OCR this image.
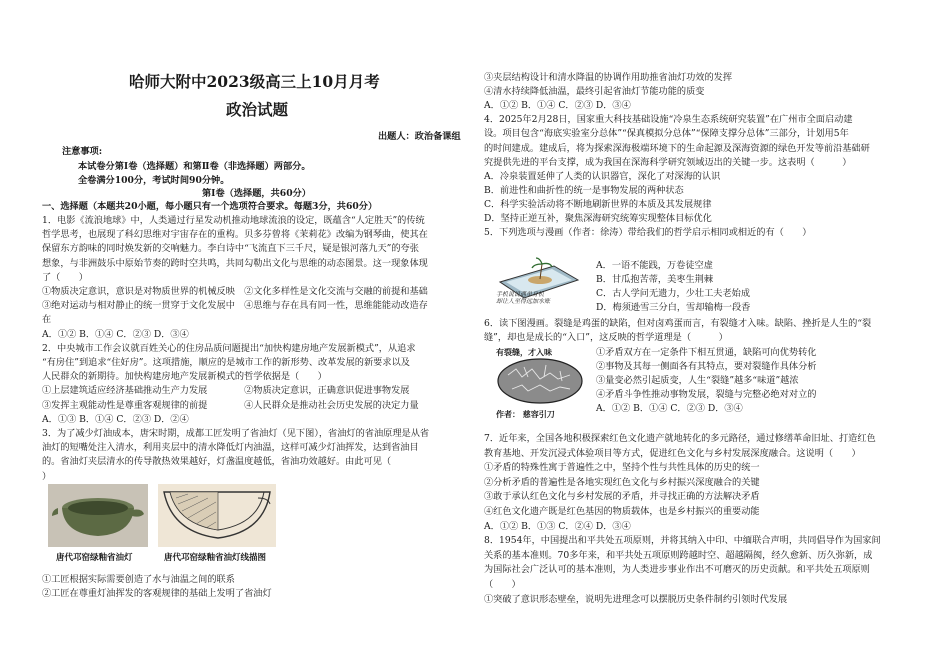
哈师大附中2023级高三上10月月考
政治试题
出题人：政治备课组
注意事项:
本试卷分第Ⅰ卷（选择题）和第Ⅱ卷（非选择题）两部分。
全卷满分100分，考试时间90分钟。
第Ⅰ卷（选择题，共60分）
一、选择题（本题共20小题，每小题只有一个选项符合要求。每题3分，共60分）
1．电影《流浪地球》中，人类通过行星发动机推动地球流浪的设定，既蕴含“人定胜天”的传统
哲学思考，也展现了科幻思维对宇宙存在的重构。贝多芬曾将《茉莉花》改编为钢琴曲，使其在
保留东方韵味的同时焕发新的交响魅力。李白诗中“飞流直下三千尺，疑是银河落九天”的夸张
想象，与非洲鼓乐中原始节奏的跨时空共鸣，共同勾勒出文化与思维的动态图景。这一现象体现
了（　　）
①物质决定意识，意识是对物质世界的机械反映　②文化多样性是文化交流与交融的前提和基础
③绝对运动与相对静止的统一贯穿于文化发展中　④思维与存在具有同一性，思维能能动改造存
在
A．①② B．①④ C．②③ D．③④
2．中央城市工作会议就百姓关心的住房品质问题提出“加快构建房地产发展新模式”，从追求
“有房住”到追求“住好房”。这项措施，顺应的是城市工作的新形势、改革发展的新要求以及
人民群众的新期待。加快构建房地产发展新模式的哲学依据是（　　）
①上层建筑适应经济基础推动生产力发展　　　　②物质决定意识，正确意识促进事物发展
③发挥主观能动性是尊重客观规律的前提　　　　④人民群众是推动社会历史发展的决定力量
A．①③ B．①④ C．②③ D．②④
3．为了减少灯油成本，唐宋时期，成都工匠发明了省油灯（见下图），省油灯的省油原理是从省
油灯的短嘴处注入清水，利用夹层中的清水降低灯内油温，这样可减少灯油挥发，达到省油目
的。省油灯夹层清水的传导散热效果越好，灯盏温度越低，省油功效越好。由此可见（
）
唐代邛窑绿釉省油灯	唐代邛窑绿釉省油灯线描图
①工匠根据实际需要创造了水与油温之间的联系
②工匠在尊重灯油挥发的客观规律的基础上发明了省油灯
③夹层结构设计和清水降温的协调作用助推省油灯功效的发挥
④清水持续降低油温，最终引起省油灯节能功能的质变
A．①② B．①④ C．②③ D．③④
4．2025年2月28日，国家重大科技基础设施“冷泉生态系统研究装置”在广州市全面启动建
设。项目包含“海底实验室分总体”“保真模拟分总体”“保障支撑分总体”三部分，计划用5年
的时间建成。建成后，将为探索深海极端环境下的生命起源及深海资源的绿色开发等前沿基础研
究提供先进的平台支撑，成为我国在深海科学研究领域迈出的关键一步。这表明（　　　）
A．冷泉装置延伸了人类的认识器官，深化了对深海的认识
B．前进性和曲折性的统一是事物发展的两种状态
C．科学实验活动将不断地刷新世界的本质及其发展规律
D．坚持正逆互补，聚焦深海研究统筹实现整体目标优化
5．下列选项与漫画（作者：徐涛）带给我们的哲学启示相同或相近的有（　　）
手机说说遇单身机
却让人至得远加水账
A．一语不能践，万卷徒空虚
B．甘瓜抱苦蒂，美枣生荆棘
C．古人学问无遗力，少壮工夫老始成
D．梅须逊雪三分白，雪却输梅一段香
有裂缝，才入味
作者： 慈容引刀
①矛盾双方在一定条件下相互贯通，缺陷可向优势转化
②事物及其每一侧面各有其特点，要对裂缝作具体分析
③量变必然引起质变，人生“裂缝”越多“味道”越浓
④矛盾斗争性推动事物发展，裂缝与完整必绝对对立的
A．①② B．①④ C．②③ D．③④
6．读下图漫画。裂缝是鸡蛋的缺陷，但对卤鸡蛋而言，有裂缝才入味。缺陷、挫折是人生的“裂
缝”，却也是成长的“入口”，这反映的哲学道理是（　　　）
7．近年来，全国各地积极探索红色文化遗产就地转化的多元路径，通过修缮革命旧址、打造红色
教育基地、开发沉浸式体验项目等方式，促进红色文化与乡村发展深度融合。这说明（　　）
①矛盾的特殊性寓于普遍性之中，坚持个性与共性具体的历史的统一
②分析矛盾的普遍性是各地实现红色文化与乡村振兴深度融合的关键
③敢于承认红色文化与乡村发展的矛盾，并寻找正确的方法解决矛盾
④红色文化遗产既是红色基因的物质载体，也是乡村振兴的重要动能
A．①② B．①③ C．②④ D．③④
8．1954年，中国提出和平共处五项原则，并将其纳入中印、中缅联合声明，共同倡导作为国家间
关系的基本准则。70多年来，和平共处五项原则跨越时空、超越隔阂，经久愈新、历久弥新，成
为国际社会广泛认可的基本准则，为人类进步事业作出不可磨灭的历史贡献。和平共处五项原则
（　　）
①突破了意识形态壁垒，说明先进理念可以摆脱历史条件制约引领时代发展
